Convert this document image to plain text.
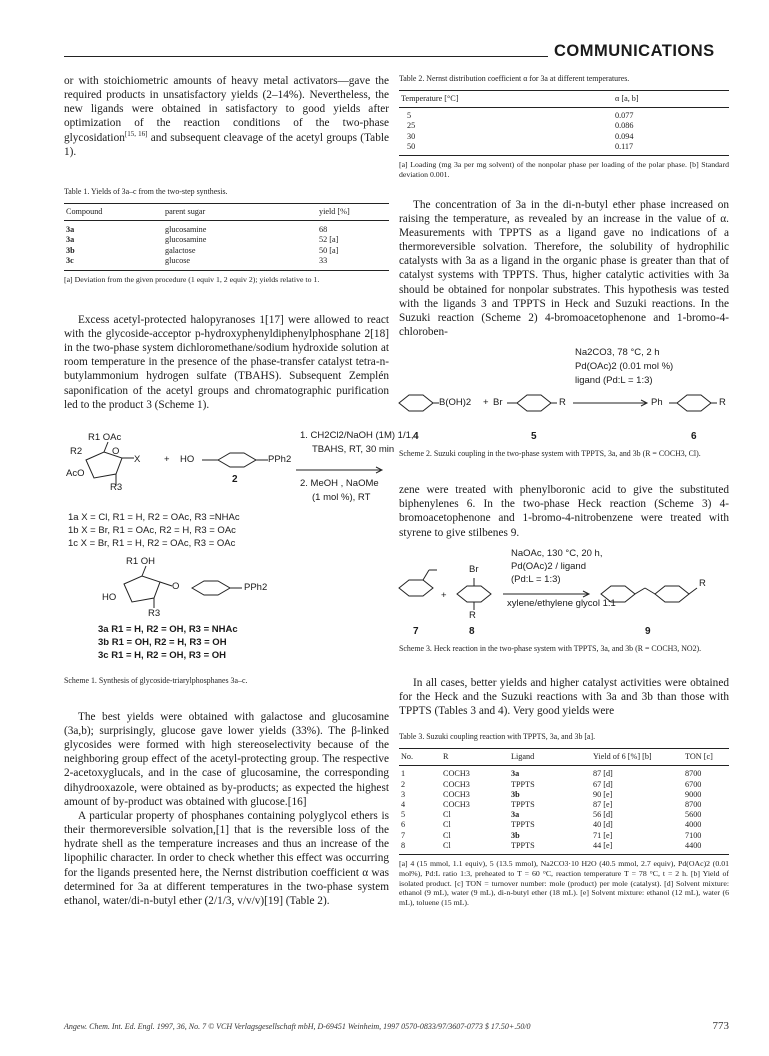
COMMUNICATIONS

or with stoichiometric amounts of heavy metal activators—gave the required products in unsatisfactory yields (2–14%). Nevertheless, the new ligands were obtained in satisfactory to good yields after optimization of the reaction conditions of the two-phase glycosidation[15, 16] and subsequent cleavage of the acetyl groups (Table 1).

Table 1. Yields of 3a–c from the two-step synthesis.
Compound	parent sugar	yield [%]
3a	glucosamine	68
3a	glucosamine	52 [a]
3b	galactose	50 [a]
3c	glucose	33
[a] Deviation from the given procedure (1 equiv 1, 2 equiv 2); yields relative to 1.

Excess acetyl-protected halopyranoses 1[17] were allowed to react with the glycoside-acceptor p-hydroxyphenyldiphenylphosphane 2[18] in the two-phase system dichloromethane/sodium hydroxide solution at room temperature in the presence of the phase-transfer catalyst tetra-n-butylammonium hydrogen sulfate (TBAHS). Subsequent Zemplén saponification of the acetyl groups and chromatographic purification led to the product 3 (Scheme 1).

R1 OAc
R2	O
AcO
R3
X + HO	PPh2
2
1. CH2Cl2/NaOH (1M) 1/1,
TBAHS, RT, 30 min
2. MeOH , NaOMe
(1 mol %), RT
1a X = Cl, R1 = H, R2 = OAc, R3 =NHAc
1b X = Br, R1 = OAc, R2 = H, R3 = OAc
1c X = Br, R1 = H, R2 = OAc, R3 = OAc
R1 OH
HO
O	PPh2
R3
3a R1 = H, R2 = OH, R3 = NHAc
3b R1 = OH, R2 = H, R3 = OH
3c R1 = H, R2 = OH, R3 = OH
Scheme 1. Synthesis of glycoside-triarylphosphanes 3a–c.

The best yields were obtained with galactose and glucosamine (3a,b); surprisingly, glucose gave lower yields (33%). The β-linked glycosides were formed with high stereoselectivity because of the neighboring group effect of the acetyl-protecting group. The respective 2-acetoxyglucals, and in the case of glucosamine, the corresponding dihydrooxazole, were obtained as by-products; as expected the highest amount of by-product was obtained with glucose.[16]

A particular property of phosphanes containing polyglycol ethers is their thermoreversible solvation,[1] that is the reversible loss of the hydrate shell as the temperature increases and thus an increase of the lipophilic character. In order to check whether this effect was occurring for the ligands presented here, the Nernst distribution coefficient α was determined for 3a at different temperatures in the two-phase system ethanol, water/di-n-butyl ether (2/1/3, v/v/v)[19] (Table 2).

Table 2. Nernst distribution coefficient α for 3a at different temperatures.
Temperature [°C]	α [a, b]
5	0.077
25	0.086
30	0.094
50	0.117
[a] Loading (mg 3a per mg solvent) of the nonpolar phase per loading of the polar phase. [b] Standard deviation 0.001.

The concentration of 3a in the di-n-butyl ether phase increased on raising the temperature, as revealed by an increase in the value of α. Measurements with TPPTS as a ligand gave no indications of a thermoreversible solvation. Therefore, the solubility of hydrophilic catalysts with 3a as a ligand in the organic phase is greater than that of catalyst systems with TPPTS. Thus, higher catalytic activities with 3a should be obtained for nonpolar substrates. This hypothesis was tested with the ligands 3 and TPPTS in Heck and Suzuki reactions. In the Suzuki reaction (Scheme 2) 4-bromoacetophenone and 1-bromo-4-chloroben-

Na2CO3, 78 °C, 2 h
Pd(OAc)2 (0.01 mol %)
ligand (Pd:L = 1:3)
B(OH)2 + Br	R	Ph	R
4	5	6
Scheme 2. Suzuki coupling in the two-phase system with TPPTS, 3a, and 3b (R = COCH3, Cl).

zene were treated with phenylboronic acid to give the substituted biphenylenes 6. In the two-phase Heck reaction (Scheme 3) 4-bromoacetophenone and 1-bromo-4-nitrobenzene were treated with styrene to give stilbenes 9.

NaOAc, 130 °C, 20 h,
Pd(OAc)2 / ligand
(Pd:L = 1:3)
xylene/ethylene glycol 1:1
Br
+
R
R
7	8	9
Scheme 3. Heck reaction in the two-phase system with TPPTS, 3a, and 3b (R = COCH3, NO2).

In all cases, better yields and higher catalyst activities were obtained for the Heck and the Suzuki reactions with 3a and 3b than those with TPPTS (Tables 3 and 4). Very good yields were

Table 3. Suzuki coupling reaction with TPPTS, 3a, and 3b [a].
No.	R	Ligand	Yield of 6 [%] [b]	TON [c]
1	COCH3	3a	87 [d]	8700
2	COCH3	TPPTS	67 [d]	6700
3	COCH3	3b	90 [e]	9000
4	COCH3	TPPTS	87 [e]	8700
5	Cl	3a	56 [d]	5600
6	Cl	TPPTS	40 [d]	4000
7	Cl	3b	71 [e]	7100
8	Cl	TPPTS	44 [e]	4400
[a] 4 (15 mmol, 1.1 equiv), 5 (13.5 mmol), Na2CO3·10 H2O (40.5 mmol, 2.7 equiv), Pd(OAc)2 (0.01 mol%), Pd:L ratio 1:3, preheated to T = 60 °C, reaction temperature T = 78 °C, t = 2 h. [b] Yield of isolated product. [c] TON = turnover number: mole (product) per mole (catalyst). [d] Solvent mixture: ethanol (9 mL), water (9 mL), di-n-butyl ether (18 mL). [e] Solvent mixture: ethanol (12 mL), water (6 mL), toluene (15 mL).
Angew. Chem. Int. Ed. Engl. 1997, 36, No. 7 © VCH Verlagsgesellschaft mbH, D-69451 Weinheim, 1997 0570-0833/97/3607-0773 $ 17.50+.50/0	773
